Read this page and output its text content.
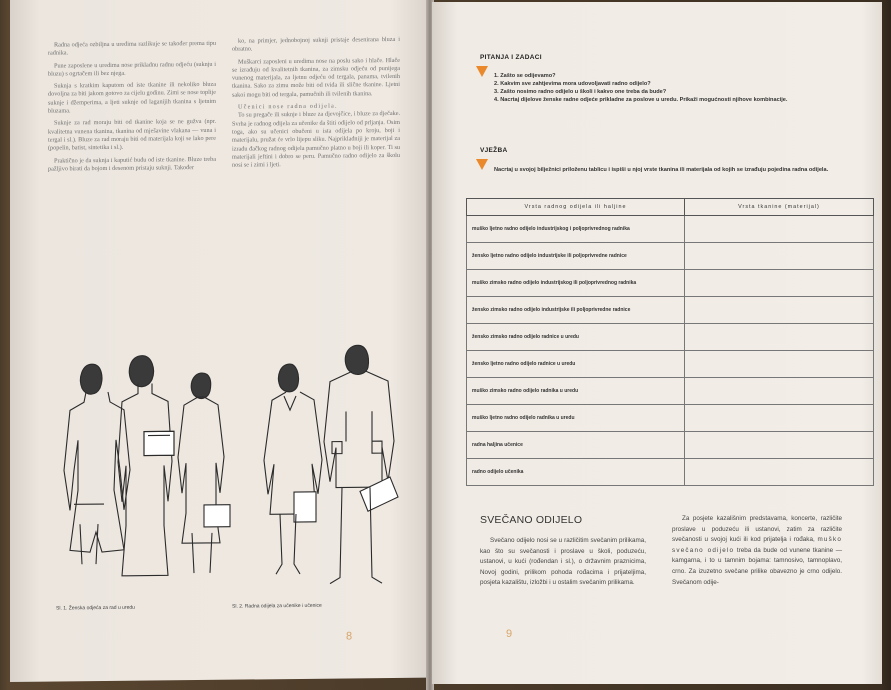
Radna odjeća ozbiljna u uredima razlikuje se također prema tipu radnika.

Pune zaposlene u uredima nose prikladnu radnu odjeću (suknju i bluzu) s ogrtačem ili bez njega.

Suknja s kratkim kaputom od iste tkanine ili nekoliko bluza dovoljna za biti jakom gotovo za cijelu godinu. Zimi se nose toplije suknje i džemperima, a ljeti suknje od laganijih tkanina s ljetnim bluzama.

Suknje za rad moraju biti od tkanine koja se ne gužva (npr. kvalitetna vunena tkanina, tkanina od mješavine vlakana — vuna i tergal i sl.). Bluze za rad moraju biti od materijala koji se lako pere (popelin, batist, sintetika i sl.).

Praktično je da suknja i kaputić budu od iste tkanine. Bluze treba pažljivo birati da bojom i desenom pristaju suknji. Također

ko, na primjer, jednobojnoj suknji pristaje desenirana bluza i obratno.

Muškarci zaposleni u uredima nose na poslu sako i hlače. Hlače se izrađuju od kvalitetnih tkanina, za zimsku odjeću od punijega vunenog materijala, za ljetnu odjeću od tergala, panama, tvilenih tkanina. Sako za zimu može biti od tvida ili slične tkanine. Ljetni sakoi mogu biti od tergala, pamučnih ili tvilenih tkanina.

Učenici nose radna odijela.

To su pregače ili suknje i bluze za djevojčice, i bluze za dječake. Svrha je radnog odijela za učenike da štiti odijelo od prljanja. Osim toga, ako su učenici obučeni u ista odijela po kroju, boji i materijalu, pružat će vrlo lijepu sliku. Najprikladniji je materijal za izradu đačkog radnog odijela pamučno platno u boji ili koper. Ti su materijali jeftini i dobro se peru. Pamučno radno odijelo za školu nosi se i zimi i ljeti.

Sl. 1. Ženska odjeća za rad u uredu	Sl. 2. Radna odijela za učenike i učenice
8
PITANJA I ZADACI
1. Zašto se odijevamo?
2. Kakvim sve zahtjevima mora udovoljavati radno odijelo?
3. Zašto nosimo radno odijelo u školi i kakvo one treba da bude?
4. Nacrtaj dijelove ženske radne odjeće prikladne za poslove u uredu. Prikaži mogućnosti njihove kombinacije.
VJEŽBA
Nacrtaj u svojoj bilježnici priloženu tablicu i ispiši u njoj vrste tkanina ili materijala od kojih se izrađuju pojedina radna odijela.
Vrsta radnog odijela ili haljine	Vrsta tkanine (materijal)
muško ljetno radno odijelo industrijskog i poljoprivrednog radnika	
žensko ljetno radno odijelo industrijske ili poljoprivredne radnice	
muško zimsko radno odijelo industrijskog ili poljoprivrednog radnika	
žensko zimsko radno odijelo industrijske ili poljoprivredne radnice	
žensko zimsko radno odijelo radnice u uredu	
žensko ljetno radno odijelo radnice u uredu	
muško zimsko radno odijelo radnika u uredu	
muško ljetno radno odijelo radnika u uredu	
radna haljina učenice	
radno odijelo učenika	
SVEČANO ODIJELO

Svečano odijelo nosi se u različitim svečanim prilikama, kao što su svečanosti i proslave u školi, poduzeću, ustanovi, u kući (rođendan i sl.), o državnim praznicima, Novoj godini, prilikom pohoda rođacima i prijateljima, posjeta kazalištu, izložbi i u ostalim svečanim prilikama.

Za posjete kazališnim predstavama, koncerte, različite proslave u poduzeću ili ustanovi, zatim za različite svečanosti u svojoj kući ili kod prijatelja i rođaka, muško svečano odijelo treba da bude od vunene tkanine — kamgarna, i to u tamnim bojama: tamnosivo, tamnoplavo, crno. Za izuzetno svečane prilike obavezno je crno odijelo. Svečanom odije-

9
